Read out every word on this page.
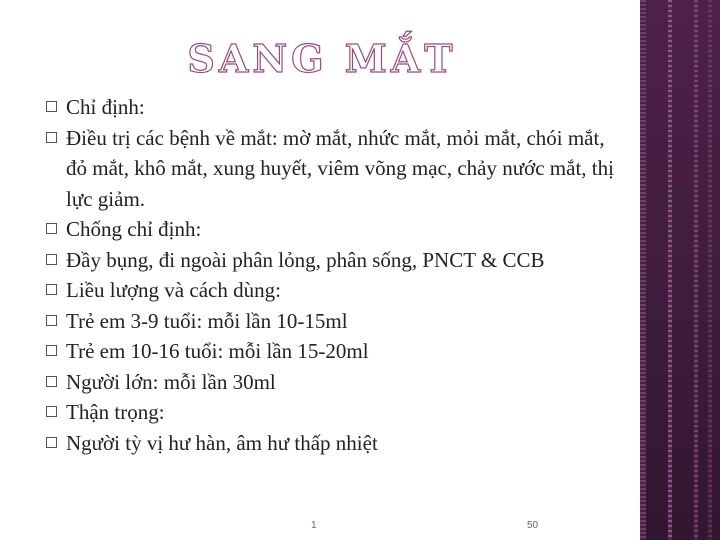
SANG MẮT
Chỉ định:
Điều trị các bệnh về mắt: mờ mắt, nhức mắt, mỏi mắt, chói mắt, đỏ mắt, khô mắt, xung huyết, viêm võng mạc, chảy nước mắt, thị lực giảm.
Chống chỉ định:
Đầy bụng, đi ngoài phân lỏng, phân sống, PNCT & CCB
Liều lượng và cách dùng:
Trẻ em 3-9 tuổi: mỗi lần 10-15ml
Trẻ em 10-16 tuổi: mỗi lần 15-20ml
Người lớn: mỗi lần 30ml
Thận trọng:
Người tỳ vị hư hàn, âm hư thấp nhiệt
1	50
